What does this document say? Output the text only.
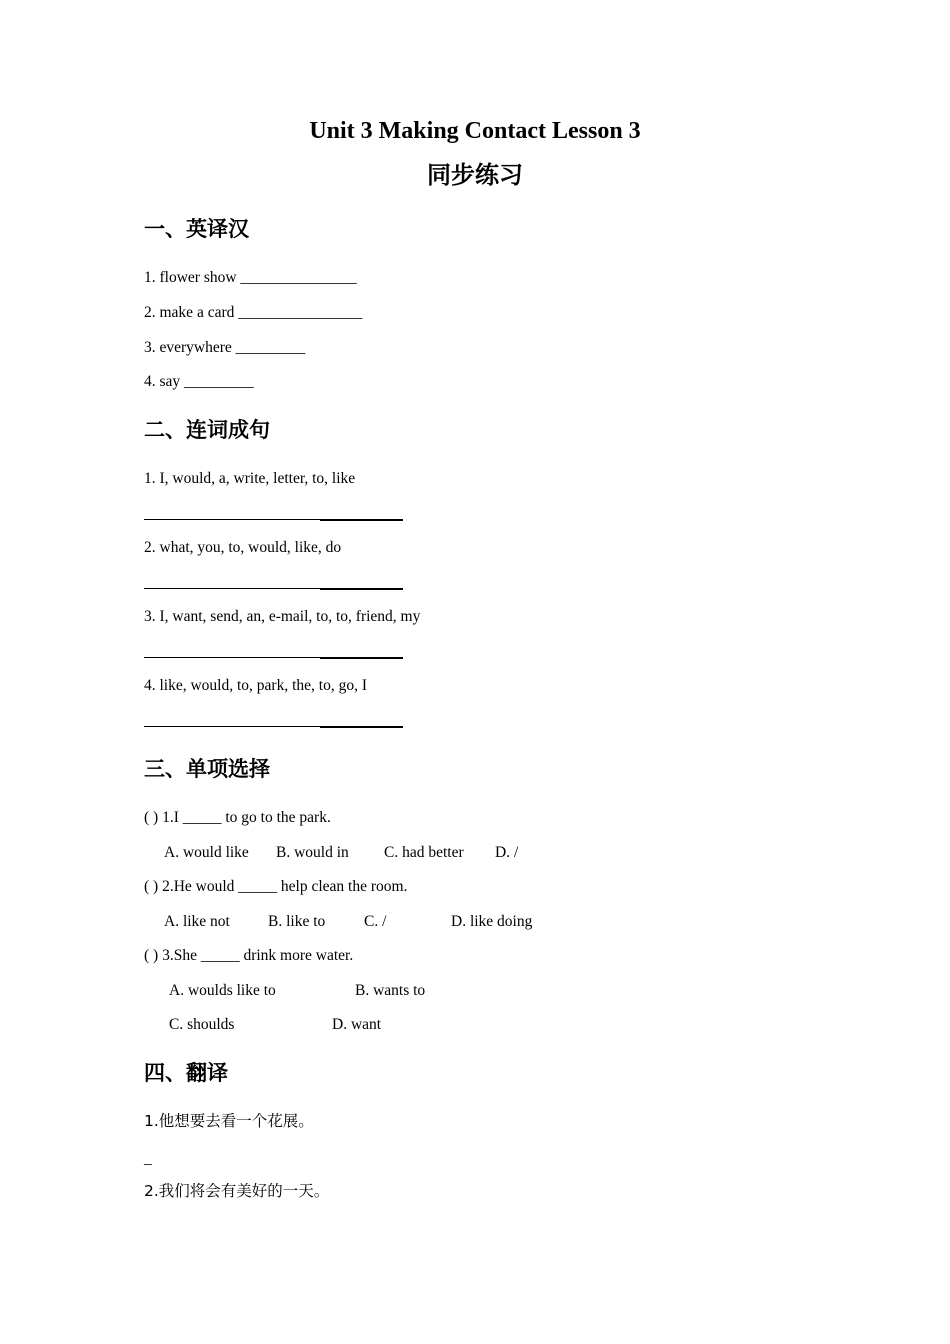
Unit 3 Making Contact Lesson 3
同步练习
一、英译汉
1. flower show _______________
2. make a card ________________
3. everywhere _________
4. say _________
二、连词成句
1. I, would, a, write, letter, to, like
2. what, you, to, would, like, do
3. I, want, send, an, e-mail, to, to, friend, my
4. like, would, to, park, the, to, go, I
三、单项选择
( ) 1.I _____ to go to the park.
A. would like B. would in C. had better D. /
( ) 2.He would _____ help clean the room.
A. like not B. like to C. /	D. like doing
( ) 3.She _____ drink more water.
A. woulds like to	B. wants to
C. shoulds	D. want
四、翻译
1.他想要去看一个花展。
_
2.我们将会有美好的一天。
